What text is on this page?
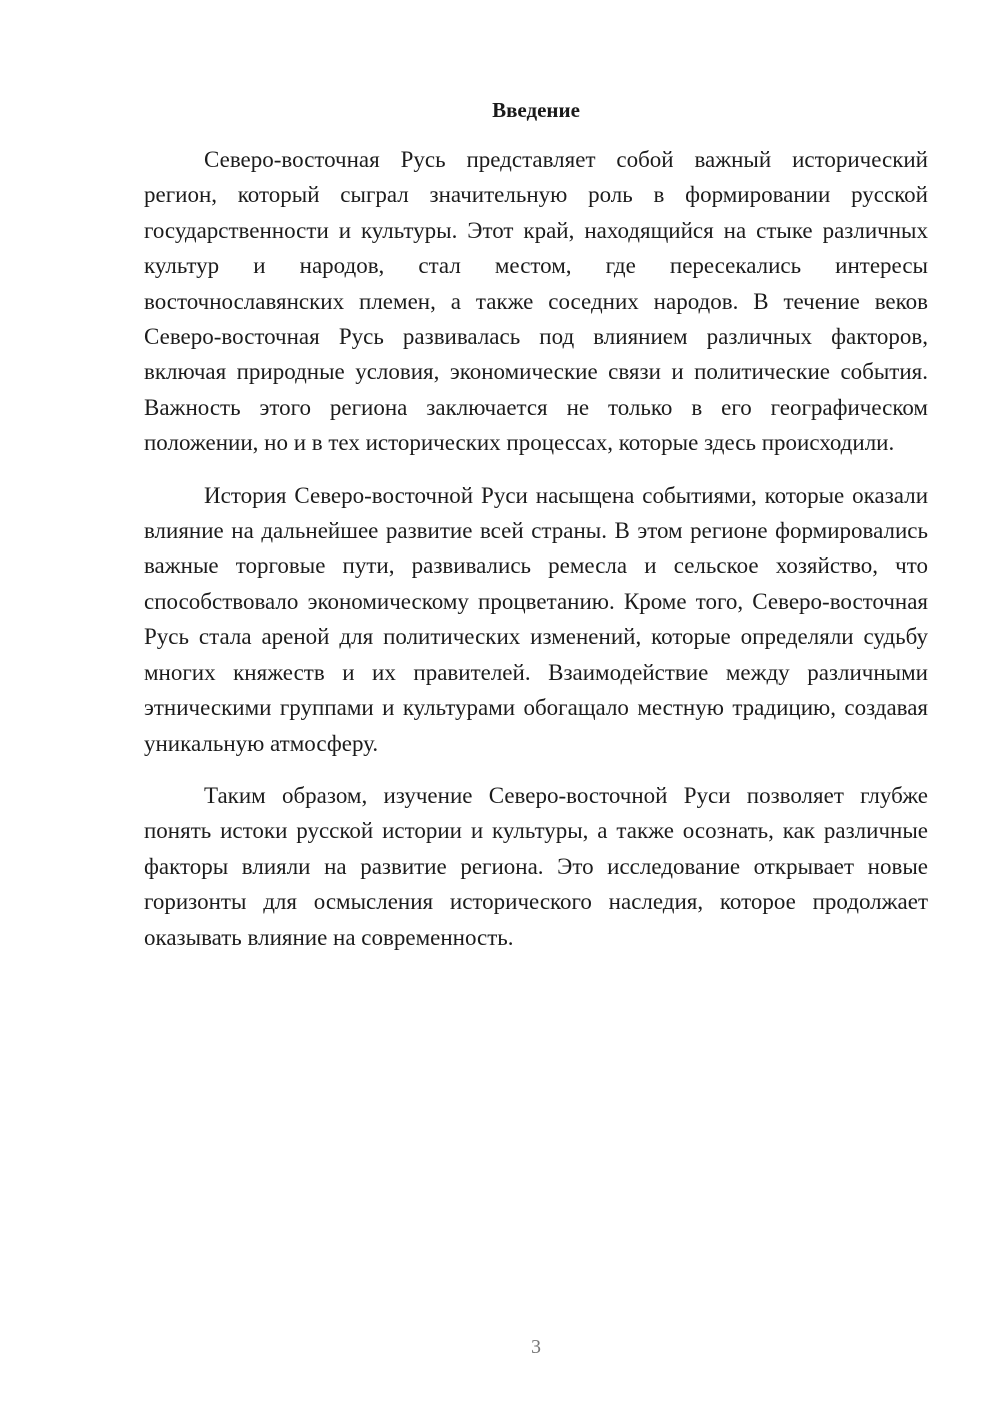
Введение

Северо-восточная Русь представляет собой важный исторический регион, который сыграл значительную роль в формировании русской государственности и культуры. Этот край, находящийся на стыке различных культур и народов, стал местом, где пересекались интересы восточнославянских племен, а также соседних народов. В течение веков Северо-восточная Русь развивалась под влиянием различных факторов, включая природные условия, экономические связи и политические события. Важность этого региона заключается не только в его географическом положении, но и в тех исторических процессах, которые здесь происходили.

История Северо-восточной Руси насыщена событиями, которые оказали влияние на дальнейшее развитие всей страны. В этом регионе формировались важные торговые пути, развивались ремесла и сельское хозяйство, что способствовало экономическому процветанию. Кроме того, Северо-восточная Русь стала ареной для политических изменений, которые определяли судьбу многих княжеств и их правителей. Взаимодействие между различными этническими группами и культурами обогащало местную традицию, создавая уникальную атмосферу.

Таким образом, изучение Северо-восточной Руси позволяет глубже понять истоки русской истории и культуры, а также осознать, как различные факторы влияли на развитие региона. Это исследование открывает новые горизонты для осмысления исторического наследия, которое продолжает оказывать влияние на современность.

3
